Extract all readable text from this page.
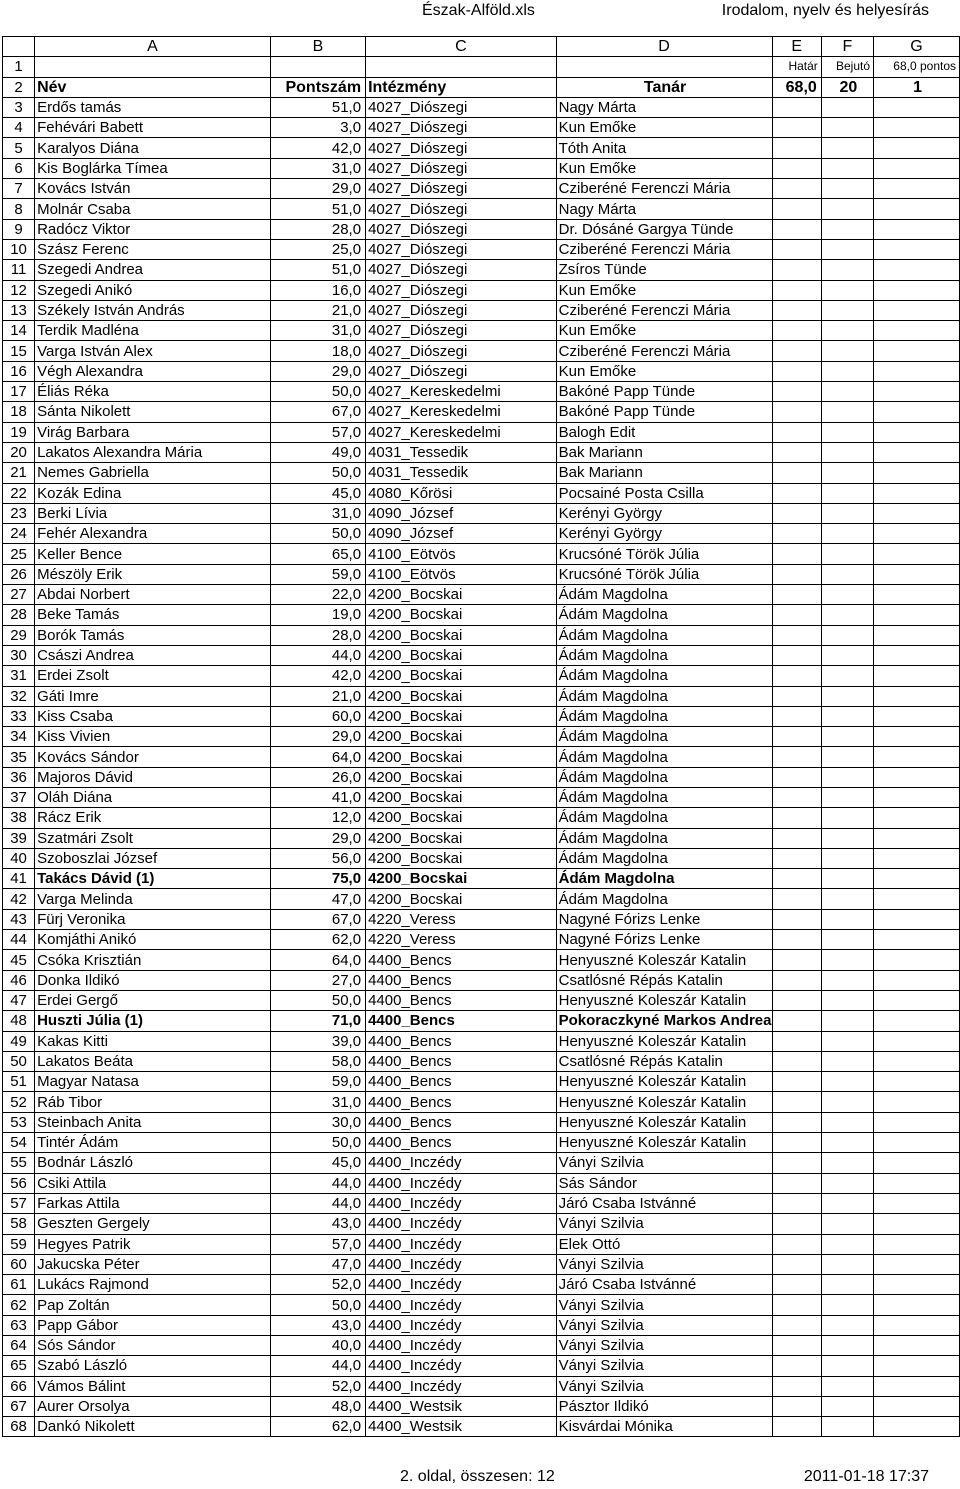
Észak-Alföld.xls	Irodalom, nyelv és helyesírás
	A	B	C	D	E	F	G
1					Határ	Bejutó	68,0 pontos
2	Név	Pontszám	Intézmény	Tanár	68,0	20	1
3	Erdős tamás	51,0	4027_Diószegi	Nagy Márta			
4	Fehévári Babett	3,0	4027_Diószegi	Kun Emőke			
5	Karalyos Diána	42,0	4027_Diószegi	Tóth Anita			
6	Kis Boglárka Tímea	31,0	4027_Diószegi	Kun Emőke			
7	Kovács István	29,0	4027_Diószegi	Cziberéné Ferenczi Mária			
8	Molnár Csaba	51,0	4027_Diószegi	Nagy Márta			
9	Radócz Viktor	28,0	4027_Diószegi	Dr. Dósáné Gargya Tünde			
10	Szász Ferenc	25,0	4027_Diószegi	Cziberéné Ferenczi Mária			
11	Szegedi Andrea	51,0	4027_Diószegi	Zsíros Tünde			
12	Szegedi Anikó	16,0	4027_Diószegi	Kun Emőke			
13	Székely István András	21,0	4027_Diószegi	Cziberéné Ferenczi Mária			
14	Terdik Madléna	31,0	4027_Diószegi	Kun Emőke			
15	Varga István Alex	18,0	4027_Diószegi	Cziberéné Ferenczi Mária			
16	Végh Alexandra	29,0	4027_Diószegi	Kun Emőke			
17	Éliás Réka	50,0	4027_Kereskedelmi	Bakóné Papp Tünde			
18	Sánta Nikolett	67,0	4027_Kereskedelmi	Bakóné Papp Tünde			
19	Virág Barbara	57,0	4027_Kereskedelmi	Balogh Edit			
20	Lakatos Alexandra Mária	49,0	4031_Tessedik	Bak Mariann			
21	Nemes Gabriella	50,0	4031_Tessedik	Bak Mariann			
22	Kozák Edina	45,0	4080_Kőrösi	Pocsainé Posta Csilla			
23	Berki Lívia	31,0	4090_József	Kerényi György			
24	Fehér Alexandra	50,0	4090_József	Kerényi György			
25	Keller Bence	65,0	4100_Eötvös	Krucsóné Török Júlia			
26	Mészöly Erik	59,0	4100_Eötvös	Krucsóné Török Júlia			
27	Abdai Norbert	22,0	4200_Bocskai	Ádám Magdolna			
28	Beke Tamás	19,0	4200_Bocskai	Ádám Magdolna			
29	Borók Tamás	28,0	4200_Bocskai	Ádám Magdolna			
30	Császi Andrea	44,0	4200_Bocskai	Ádám Magdolna			
31	Erdei Zsolt	42,0	4200_Bocskai	Ádám Magdolna			
32	Gáti Imre	21,0	4200_Bocskai	Ádám Magdolna			
33	Kiss Csaba	60,0	4200_Bocskai	Ádám Magdolna			
34	Kiss Vivien	29,0	4200_Bocskai	Ádám Magdolna			
35	Kovács Sándor	64,0	4200_Bocskai	Ádám Magdolna			
36	Majoros Dávid	26,0	4200_Bocskai	Ádám Magdolna			
37	Oláh Diána	41,0	4200_Bocskai	Ádám Magdolna			
38	Rácz Erik	12,0	4200_Bocskai	Ádám Magdolna			
39	Szatmári Zsolt	29,0	4200_Bocskai	Ádám Magdolna			
40	Szoboszlai József	56,0	4200_Bocskai	Ádám Magdolna			
41	Takács Dávid (1)	75,0	4200_Bocskai	Ádám Magdolna			
42	Varga Melinda	47,0	4200_Bocskai	Ádám Magdolna			
43	Fürj Veronika	67,0	4220_Veress	Nagyné Fórizs Lenke			
44	Komjáthi Anikó	62,0	4220_Veress	Nagyné Fórizs Lenke			
45	Csóka Krisztián	64,0	4400_Bencs	Henyuszné Koleszár Katalin			
46	Donka Ildikó	27,0	4400_Bencs	Csatlósné Répás Katalin			
47	Erdei Gergő	50,0	4400_Bencs	Henyuszné Koleszár Katalin			
48	Huszti Júlia (1)	71,0	4400_Bencs	Pokoraczkyné Markos Andrea			
49	Kakas Kitti	39,0	4400_Bencs	Henyuszné Koleszár Katalin			
50	Lakatos Beáta	58,0	4400_Bencs	Csatlósné Répás Katalin			
51	Magyar Natasa	59,0	4400_Bencs	Henyuszné Koleszár Katalin			
52	Ráb Tibor	31,0	4400_Bencs	Henyuszné Koleszár Katalin			
53	Steinbach Anita	30,0	4400_Bencs	Henyuszné Koleszár Katalin			
54	Tintér Ádám	50,0	4400_Bencs	Henyuszné Koleszár Katalin			
55	Bodnár László	45,0	4400_Inczédy	Ványi Szilvia			
56	Csiki Attila	44,0	4400_Inczédy	Sás Sándor			
57	Farkas Attila	44,0	4400_Inczédy	Járó Csaba Istvánné			
58	Geszten Gergely	43,0	4400_Inczédy	Ványi Szilvia			
59	Hegyes Patrik	57,0	4400_Inczédy	Elek Ottó			
60	Jakucska Péter	47,0	4400_Inczédy	Ványi Szilvia			
61	Lukács Rajmond	52,0	4400_Inczédy	Járó Csaba Istvánné			
62	Pap Zoltán	50,0	4400_Inczédy	Ványi Szilvia			
63	Papp Gábor	43,0	4400_Inczédy	Ványi Szilvia			
64	Sós Sándor	40,0	4400_Inczédy	Ványi Szilvia			
65	Szabó László	44,0	4400_Inczédy	Ványi Szilvia			
66	Vámos Bálint	52,0	4400_Inczédy	Ványi Szilvia			
67	Aurer Orsolya	48,0	4400_Westsik	Pásztor Ildikó			
68	Dankó Nikolett	62,0	4400_Westsik	Kisvárdai Mónika			
2. oldal, összesen: 12	2011-01-18 17:37
